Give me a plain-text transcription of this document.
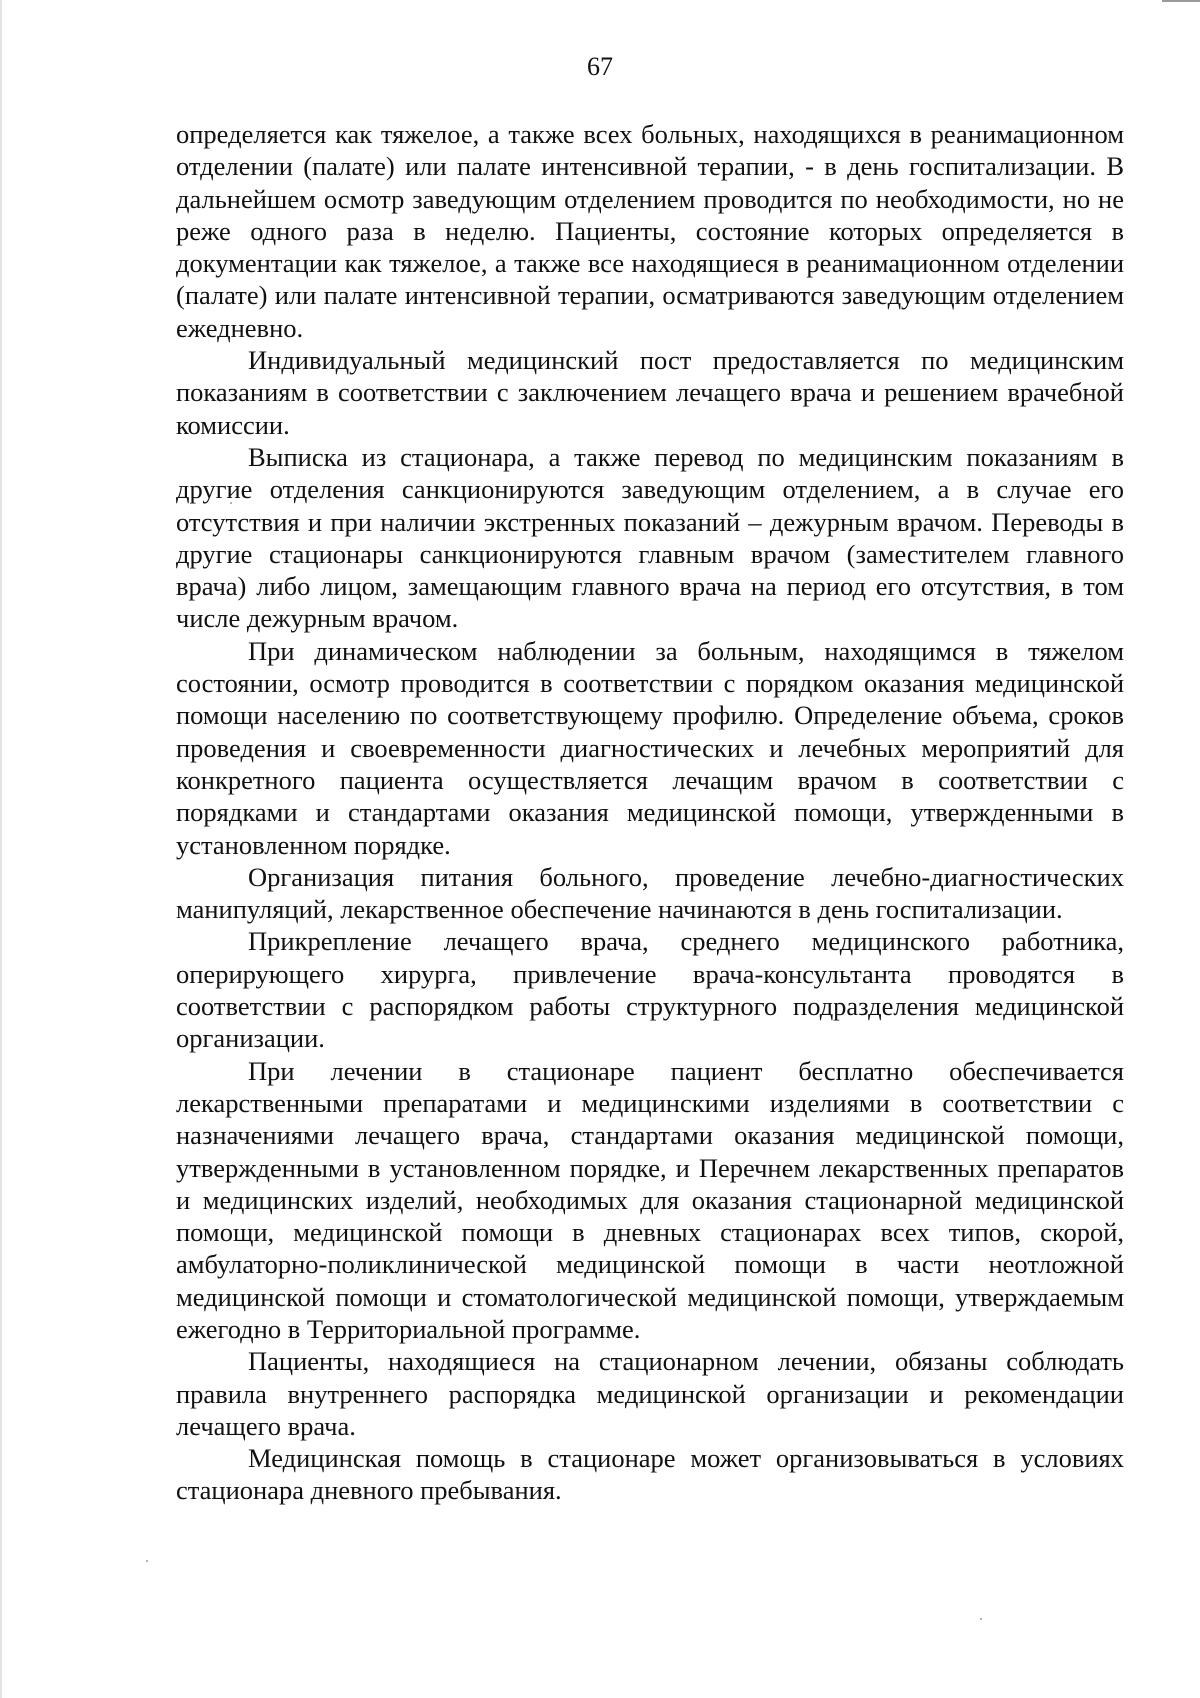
67

определяется как тяжелое, а также всех больных, находящихся в реанимационном отделении (палате) или палате интенсивной терапии, - в день госпитализации. В дальнейшем осмотр заведующим отделением проводится по необходимости, но не реже одного раза в неделю. Пациенты, состояние которых определяется в документации как тяжелое, а также все находящиеся в реанимационном отделении (палате) или палате интенсивной терапии, осматриваются заведующим отделением ежедневно.

Индивидуальный медицинский пост предоставляется по медицинским показаниям в соответствии с заключением лечащего врача и решением врачебной комиссии.

Выписка из стационара, а также перевод по медицинским показаниям в другие отделения санкционируются заведующим отделением, а в случае его отсутствия и при наличии экстренных показаний – дежурным врачом. Переводы в другие стационары санкционируются главным врачом (заместителем главного врача) либо лицом, замещающим главного врача на период его отсутствия, в том числе дежурным врачом.

При динамическом наблюдении за больным, находящимся в тяжелом состоянии, осмотр проводится в соответствии с порядком оказания медицинской помощи населению по соответствующему профилю. Определение объема, сроков проведения и своевременности диагностических и лечебных мероприятий для конкретного пациента осуществляется лечащим врачом в соответствии с порядками и стандартами оказания медицинской помощи, утвержденными в установленном порядке.

Организация питания больного, проведение лечебно-диагностических манипуляций, лекарственное обеспечение начинаются в день госпитализации.

Прикрепление лечащего врача, среднего медицинского работника, оперирующего хирурга, привлечение врача-консультанта проводятся в соответствии с распорядком работы структурного подразделения медицинской организации.

При лечении в стационаре пациент бесплатно обеспечивается лекарственными препаратами и медицинскими изделиями в соответствии с назначениями лечащего врача, стандартами оказания медицинской помощи, утвержденными в установленном порядке, и Перечнем лекарственных препаратов и медицинских изделий, необходимых для оказания стационарной медицинской помощи, медицинской помощи в дневных стационарах всех типов, скорой, амбулаторно-поликлинической медицинской помощи в части неотложной медицинской помощи и стоматологической медицинской помощи, утверждаемым ежегодно в Территориальной программе.

Пациенты, находящиеся на стационарном лечении, обязаны соблюдать правила внутреннего распорядка медицинской организации и рекомендации лечащего врача.

Медицинская помощь в стационаре может организовываться в условиях стационара дневного пребывания.
